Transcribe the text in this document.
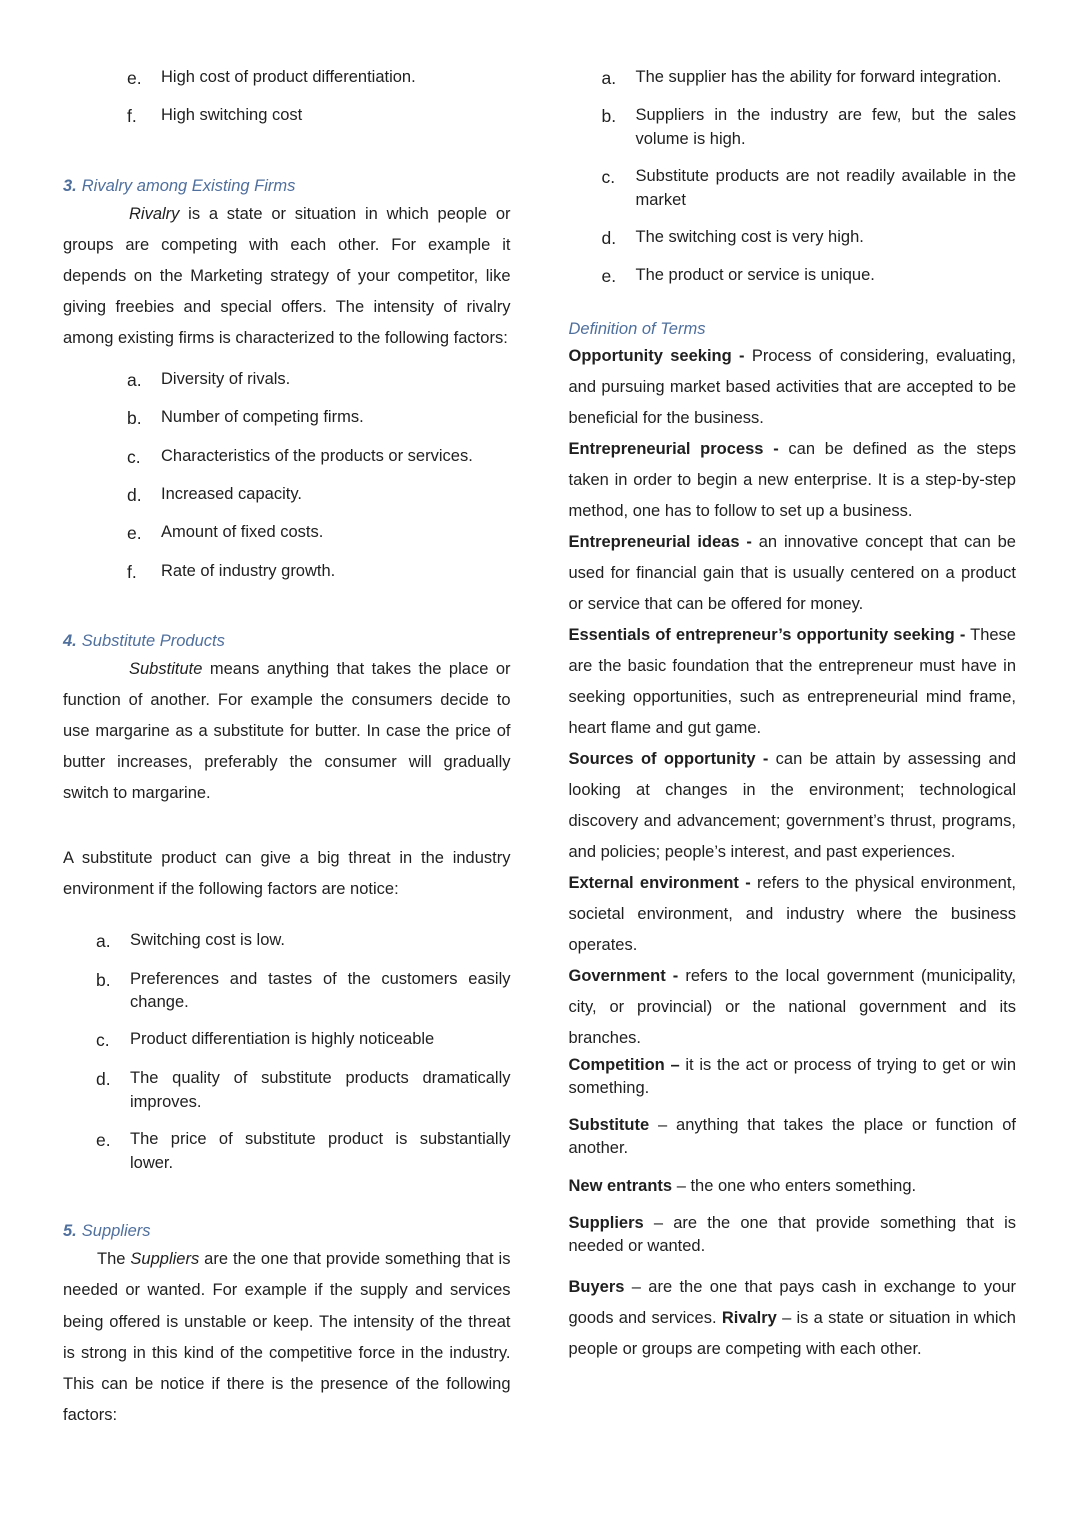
e.	High cost of product differentiation.
f.	High switching cost
3. Rivalry among Existing Firms

Rivalry is a state or situation in which people or groups are competing with each other. For example it depends on the Marketing strategy of your competitor, like giving freebies and special offers. The intensity of rivalry among existing firms is characterized to the following factors:

a.	Diversity of rivals.
b.	Number of competing firms.
c.	Characteristics of the products or services.
d.	Increased capacity.
e.	Amount of fixed costs.
f.	Rate of industry growth.
4. Substitute Products

Substitute means anything that takes the place or function of another. For example the consumers decide to use margarine as a substitute for butter. In case the price of butter increases, preferably the consumer will gradually switch to margarine.

A substitute product can give a big threat in the industry environment if the following factors are notice:

a.	Switching cost is low.
b.	Preferences and tastes of the customers easily change.
c.	Product differentiation is highly noticeable
d.	The quality of substitute products dramatically improves.
e.	The price of substitute product is substantially lower.
5. Suppliers

The Suppliers are the one that provide something that is needed or wanted. For example if the supply and services being offered is unstable or keep. The intensity of the threat is strong in this kind of the competitive force in the industry. This can be notice if there is the presence of the following factors:

a.	The supplier has the ability for forward integration.
b.	Suppliers in the industry are few, but the sales volume is high.
c.	Substitute products are not readily available in the market
d.	The switching cost is very high.
e.	The product or service is unique.
Definition of Terms

Opportunity seeking - Process of considering, evaluating, and pursuing market based activities that are accepted to be beneficial for the business.

Entrepreneurial process - can be defined as the steps taken in order to begin a new enterprise. It is a step-by-step method, one has to follow to set up a business.

Entrepreneurial ideas - an innovative concept that can be used for financial gain that is usually centered on a product or service that can be offered for money.

Essentials of entrepreneur’s opportunity seeking - These are the basic foundation that the entrepreneur must have in seeking opportunities, such as entrepreneurial mind frame, heart flame and gut game.

Sources of opportunity - can be attain by assessing and looking at changes in the environment; technological discovery and advancement; government’s thrust, programs, and policies; people’s interest, and past experiences.

External environment - refers to the physical environment, societal environment, and industry where the business operates.

Government - refers to the local government (municipality, city, or provincial) or the national government and its branches.

Competition – it is the act or process of trying to get or win something.

Substitute – anything that takes the place or function of another.

New entrants – the one who enters something.

Suppliers – are the one that provide something that is needed or wanted.

Buyers – are the one that pays cash in exchange to your goods and services. Rivalry – is a state or situation in which people or groups are competing with each other.
